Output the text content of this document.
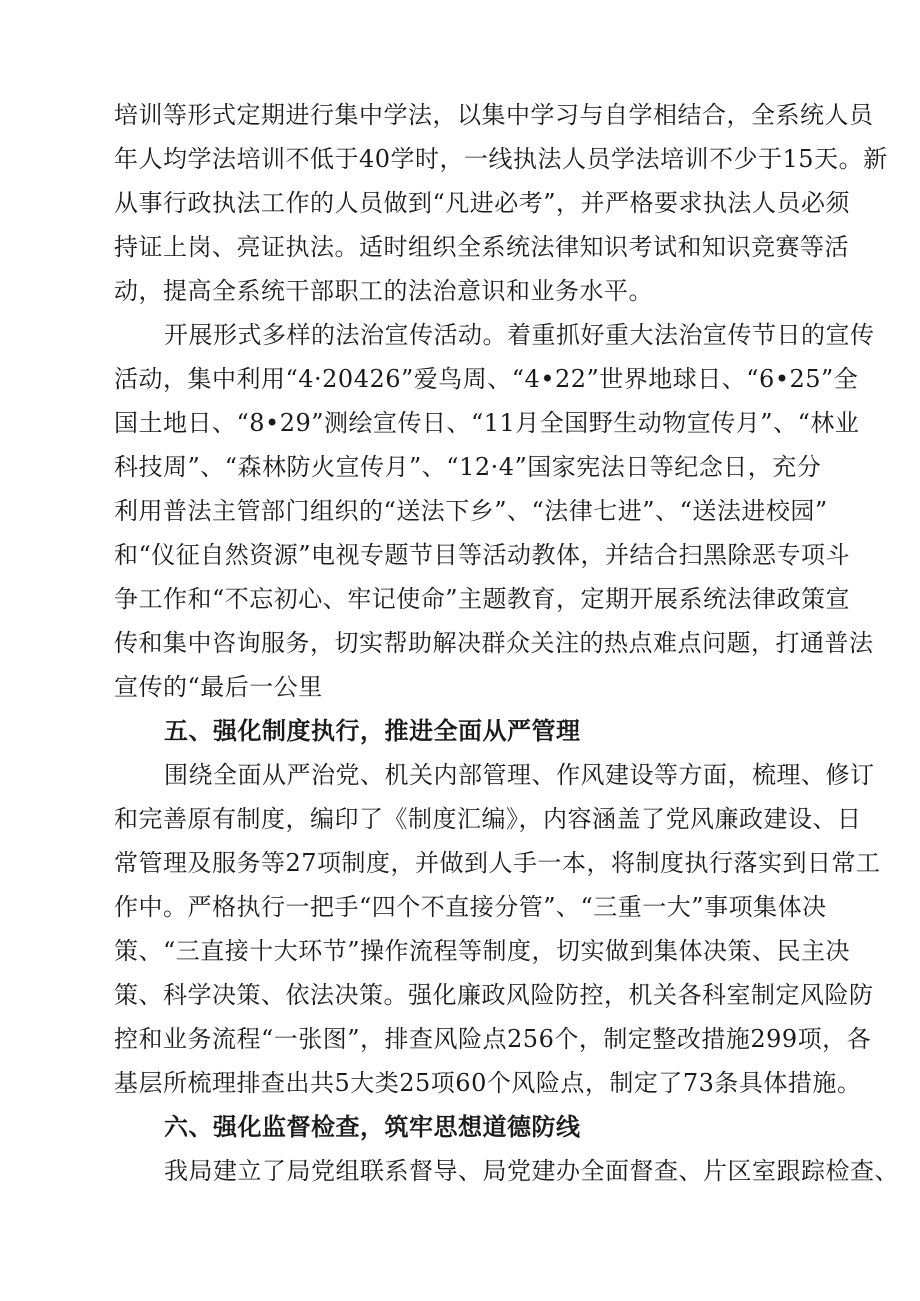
培训等形式定期进行集中学法，以集中学习与自学相结合，全系统人员
年人均学法培训不低于40学时，一线执法人员学法培训不少于15天。新
从事行政执法工作的人员做到“凡进必考”，并严格要求执法人员必须
持证上岗、亮证执法。适时组织全系统法律知识考试和知识竞赛等活
动，提高全系统干部职工的法治意识和业务水平。
开展形式多样的法治宣传活动。着重抓好重大法治宣传节日的宣传
活动，集中利用“4·20426”爱鸟周、“4•22”世界地球日、“6•25”全
国土地日、“8•29”测绘宣传日、“11月全国野生动物宣传月”、“林业
科技周”、“森林防火宣传月”、“12·4”国家宪法日等纪念日，充分
利用普法主管部门组织的“送法下乡”、“法律七进”、“送法进校园”
和“仪征自然资源”电视专题节目等活动教体，并结合扫黑除恶专项斗
争工作和“不忘初心、牢记使命”主题教育，定期开展系统法律政策宣
传和集中咨询服务，切实帮助解决群众关注的热点难点问题，打通普法
宣传的“最后一公里
五、强化制度执行，推进全面从严管理
围绕全面从严治党、机关内部管理、作风建设等方面，梳理、修订
和完善原有制度，编印了《制度汇编》，内容涵盖了党风廉政建设、日
常管理及服务等27项制度，并做到人手一本，将制度执行落实到日常工
作中。严格执行一把手“四个不直接分管”、“三重一大”事项集体决
策、“三直接十大环节”操作流程等制度，切实做到集体决策、民主决
策、科学决策、依法决策。强化廉政风险防控，机关各科室制定风险防
控和业务流程“一张图”，排查风险点256个，制定整改措施299项，各
基层所梳理排查出共5大类25项60个风险点，制定了73条具体措施。
六、强化监督检查，筑牢思想道德防线
我局建立了局党组联系督导、局党建办全面督查、片区室跟踪检查、
